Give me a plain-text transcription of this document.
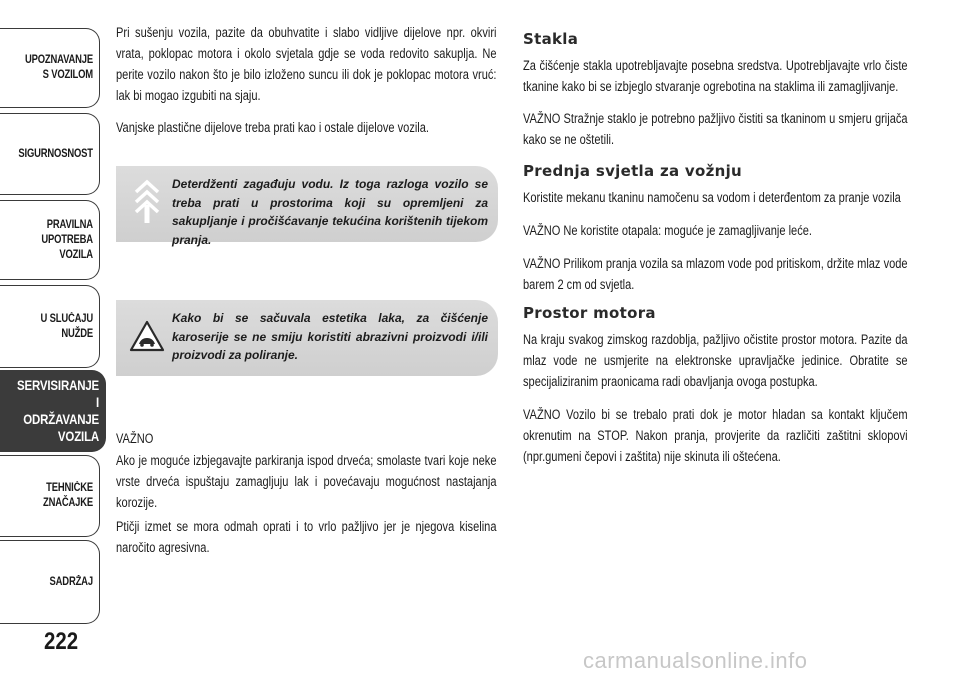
UPOZNAVANJE
S VOZILOM
SIGURNOSNOST
PRAVILNA
UPOTREBA
VOZILA
U SLUČAJU
NUŽDE
SERVISIRANJE I
ODRŽAVANJE
VOZILA
TEHNIČKE
ZNAČAJKE
SADRŽAJ
222

Pri sušenju vozila, pazite da obuhvatite i slabo vidljive dijelove npr. okviri vrata, poklopac motora i okolo svjetala gdje se voda redovito sakuplja. Ne perite vozilo nakon što je bilo izloženo suncu ili dok je poklopac motora vruć: lak bi mogao izgubiti na sjaju.

Vanjske plastične dijelove treba prati kao i ostale dijelove vozila.

Deterdženti zagađuju vodu. Iz toga razloga vozilo se treba prati u prostorima koji su opremljeni za sakupljanje i pročišćavanje tekućina korištenih tijekom pranja.
Kako bi se sačuvala estetika laka, za čišćenje karoserije se ne smiju koristiti abrazivni proizvodi i/ili proizvodi za poliranje.

VAŽNO

Ako je moguće izbjegavajte parkiranja ispod drveća; smolaste tvari koje neke vrste drveća ispuštaju zamagljuju lak i povećavaju mogućnost nastajanja korozije.

Ptičji izmet se mora odmah oprati i to vrlo pažljivo jer je njegova kiselina naročito agresivna.

Stakla

Za čišćenje stakla upotrebljavajte posebna sredstva. Upotrebljavajte vrlo čiste tkanine kako bi se izbjeglo stvaranje ogrebotina na staklima ili zamagljivanje.

VAŽNO Stražnje staklo je potrebno pažljivo čistiti sa tkaninom u smjeru grijača kako se ne oštetili.

Prednja svjetla za vožnju

Koristite mekanu tkaninu namočenu sa vodom i deterđentom za pranje vozila

VAŽNO Ne koristite otapala: moguće je zamagljivanje leće.

VAŽNO Prilikom pranja vozila sa mlazom vode pod pritiskom, držite mlaz vode barem 2 cm od svjetla.

Prostor motora

Na kraju svakog zimskog razdoblja, pažljivo očistite prostor motora. Pazite da mlaz vode ne usmjerite na elektronske upravljačke jedinice. Obratite se specijaliziranim praonicama radi obavljanja ovoga postupka.

VAŽNO Vozilo bi se trebalo prati dok je motor hladan sa kontakt ključem okrenutim na STOP. Nakon pranja, provjerite da različiti zaštitni sklopovi (npr.gumeni čepovi i zaštita) nije skinuta ili oštećena.

carmanualsonline.info
